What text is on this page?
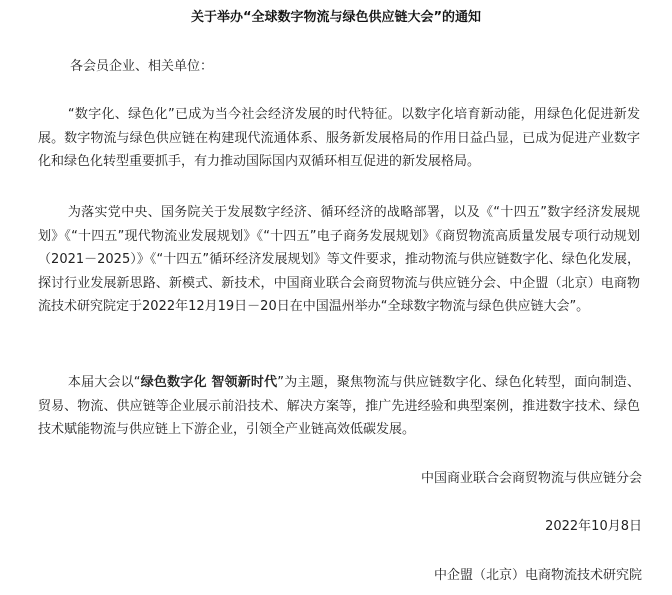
关于举办“全球数字物流与绿色供应链大会”的通知
各会员企业、相关单位：

“数字化、绿色化”已成为当今社会经济发展的时代特征。以数字化培育新动能，用绿色化促进新发展。数字物流与绿色供应链在构建现代流通体系、服务新发展格局的作用日益凸显，已成为促进产业数字化和绿色化转型重要抓手，有力推动国际国内双循环相互促进的新发展格局。

为落实党中央、国务院关于发展数字经济、循环经济的战略部署，以及《“十四五”数字经济发展规划》《“十四五”现代物流业发展规划》《“十四五”电子商务发展规划》《商贸物流高质量发展专项行动规划（2021－2025）》《“十四五”循环经济发展规划》等文件要求，推动物流与供应链数字化、绿色化发展，探讨行业发展新思路、新模式、新技术，中国商业联合会商贸物流与供应链分会、中企盟（北京）电商物流技术研究院定于2022年12月19日－20日在中国温州举办“全球数字物流与绿色供应链大会”。

本届大会以“绿色数字化 智领新时代”为主题，聚焦物流与供应链数字化、绿色化转型，面向制造、贸易、物流、供应链等企业展示前沿技术、解决方案等，推广先进经验和典型案例，推进数字技术、绿色技术赋能物流与供应链上下游企业，引领全产业链高效低碳发展。

中国商业联合会商贸物流与供应链分会
2022年10月8日
中企盟（北京）电商物流技术研究院
